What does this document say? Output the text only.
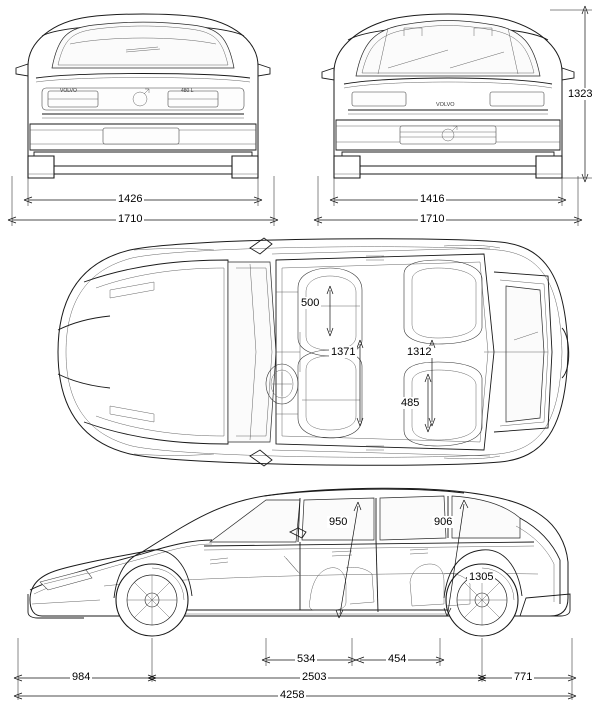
VOLVO	480 L
VOLVO
1426
1710
1416
1710
1323
500
1371	1312
485
950	906
1305
534	454
984	2503	771
4258
